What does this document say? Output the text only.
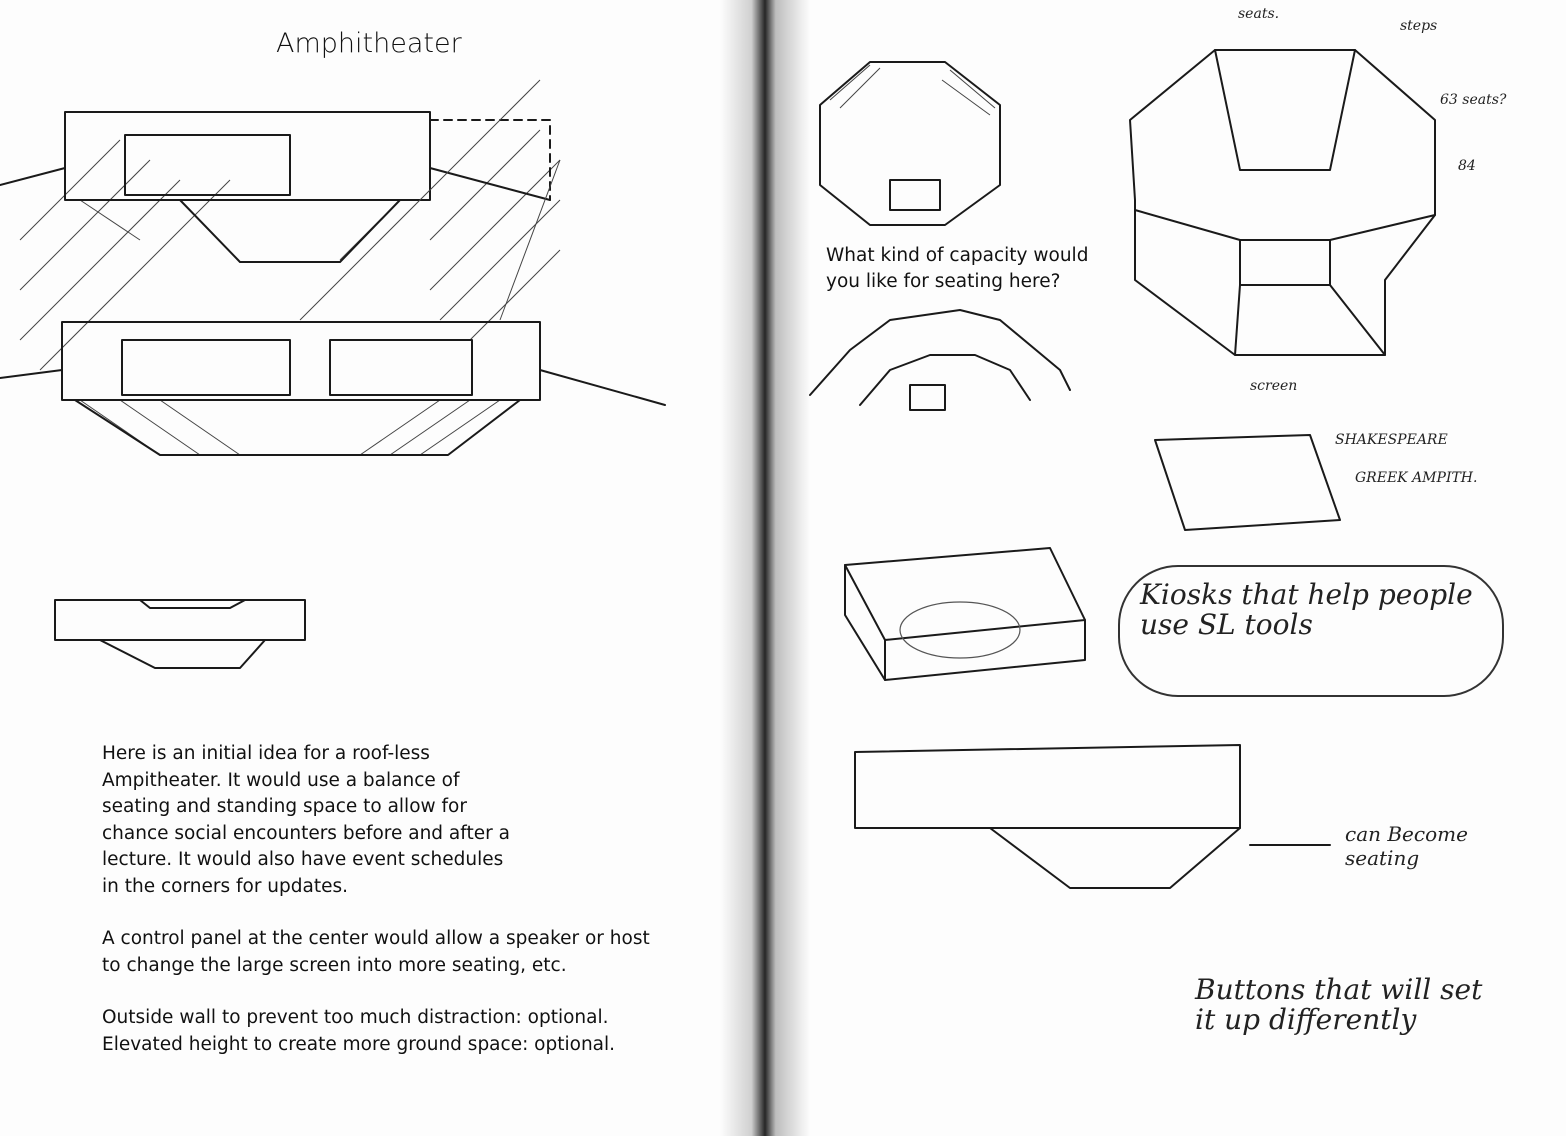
Amphitheater

Here is an initial idea for a roof-less Ampitheater. It would use a balance of seating and standing space to allow for chance social encounters before and after a lecture. It would also have event schedules in the corners for updates.

A control panel at the center would allow a speaker or host to change the large screen into more seating, etc.

Outside wall to prevent too much distraction: optional. Elevated height to create more ground space: optional.

What kind of capacity would you like for seating here?
seats.
steps
63 seats?
84
screen
SHAKESPEARE
GREEK AMPITH.
Kiosks that help people use SL tools
can Become seating
Buttons that will set it up differently
